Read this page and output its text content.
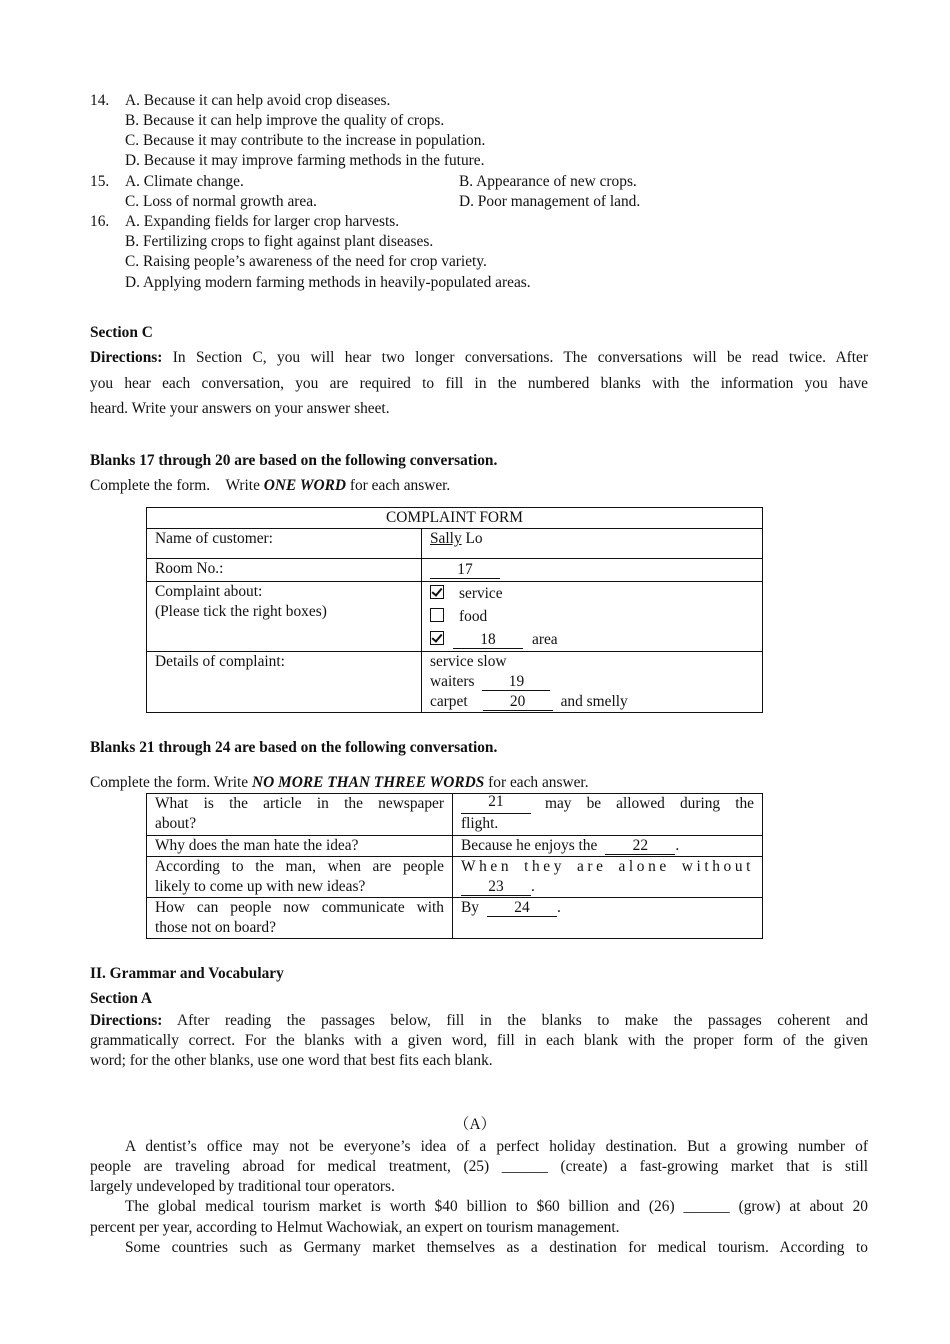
14. A. Because it can help avoid crop diseases.
B. Because it can help improve the quality of crops.
C. Because it may contribute to the increase in population.
D. Because it may improve farming methods in the future.
15. A. Climate change.	B. Appearance of new crops.
C. Loss of normal growth area.	D. Poor management of land.
16. A. Expanding fields for larger crop harvests.
B. Fertilizing crops to fight against plant diseases.
C. Raising people’s awareness of the need for crop variety.
D. Applying modern farming methods in heavily-populated areas.
Section C
Directions: In Section C, you will hear two longer conversations. The conversations will be read twice. After
you hear each conversation, you are required to fill in the numbered blanks with the information you have
heard. Write your answers on your answer sheet.
Blanks 17 through 20 are based on the following conversation.
Complete the form.    Write ONE WORD for each answer.
COMPLAINT FORM	
Name of customer:	Sally Lo
Room No.:	17

Complaint about:
(Please tick the right boxes)

service
food
18 area

Details of complaint:	service slow
waiters 19
carpet 20 and smelly
Blanks 21 through 24 are based on the following conversation.
Complete the form. Write NO MORE THAN THREE WORDS for each answer.
What is the article in the newspaper
about?

21	may be allowed during the
flight.

Why does the man hate the idea?	Because he enjoys the 22 .

According to the man, when are people
likely to come up with new ideas?

When they are alone without
23 .

How can people now communicate with
those not on board?	By 24 .
II. Grammar and Vocabulary
Section A
Directions: After reading the passages below, fill in the blanks to make the passages coherent and
grammatically correct. For the blanks with a given word, fill in each blank with the proper form of the given
word; for the other blanks, use one word that best fits each blank.
（A）
A dentist’s office may not be everyone’s idea of a perfect holiday destination. But a growing number of
people are traveling abroad for medical treatment, (25) ______ (create) a fast-growing market that is still
largely undeveloped by traditional tour operators.
The global medical tourism market is worth $40 billion to $60 billion and (26) ______ (grow) at about 20
percent per year, according to Helmut Wachowiak, an expert on tourism management.
Some countries such as Germany market themselves as a destination for medical tourism. According to
